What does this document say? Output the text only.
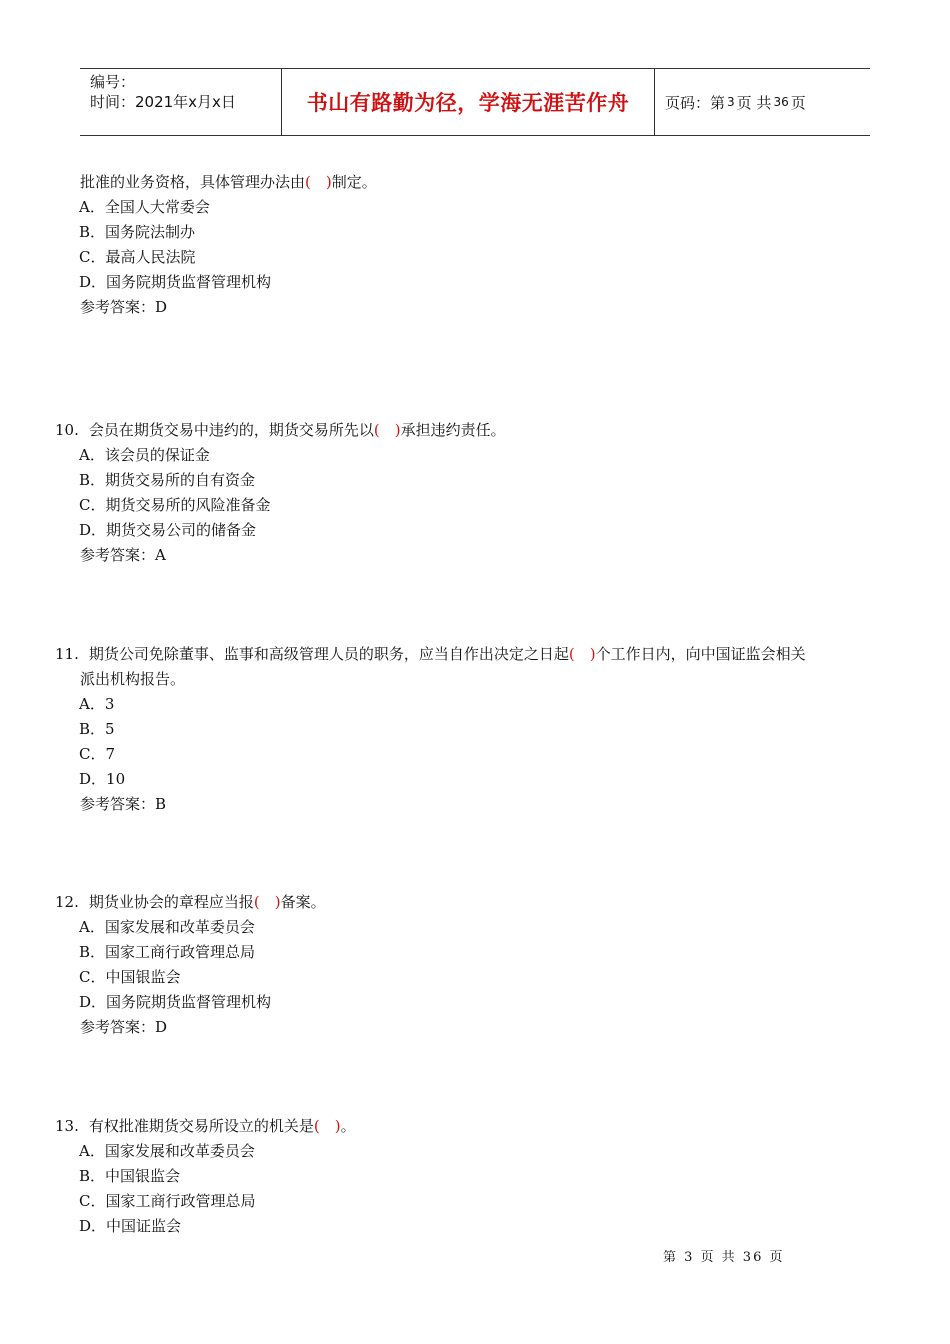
编号：
时间：2021年x月x日	书山有路勤为径，学海无涯苦作舟	页码：第 3 页 共 36 页
批准的业务资格，具体管理办法由(　)制定。
A．全国人大常委会
B．国务院法制办
C．最高人民法院
D．国务院期货监督管理机构
参考答案：D
10. 会员在期货交易中违约的，期货交易所先以(　)承担违约责任。
A．该会员的保证金
B．期货交易所的自有资金
C．期货交易所的风险准备金
D．期货交易公司的储备金
参考答案：A
11. 期货公司免除董事、监事和高级管理人员的职务，应当自作出决定之日起(　)个工作日内，向中国证监会相关
派出机构报告。
A．3
B．5
C．7
D．10
参考答案：B
12. 期货业协会的章程应当报(　)备案。
A．国家发展和改革委员会
B．国家工商行政管理总局
C．中国银监会
D．国务院期货监督管理机构
参考答案：D
13. 有权批准期货交易所设立的机关是(　)。
A．国家发展和改革委员会
B．中国银监会
C．国家工商行政管理总局
D．中国证监会
第 3 页 共 36 页
